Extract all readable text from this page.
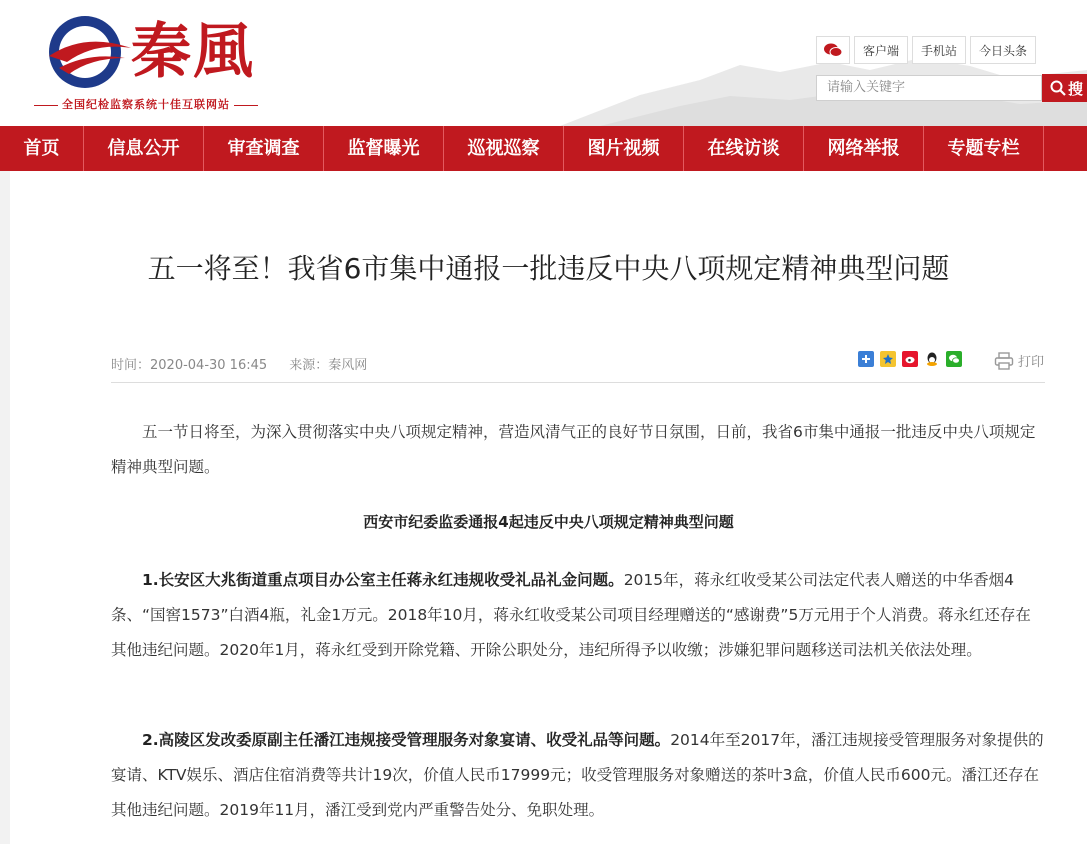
秦風
全国纪检监察系统十佳互联网站
客户端	手机站	今日头条
请输入关键字	搜
首页	信息公开	审查调查	监督曝光	巡视巡察	图片视频	在线访谈	网络举报	专题专栏
五一将至！我省6市集中通报一批违反中央八项规定精神典型问题
时间：2020-04-30 16:45 来源：秦风网	打印
五一节日将至，为深入贯彻落实中央八项规定精神，营造风清气正的良好节日氛围，日前，我省6市集中通报一批违反中央八项规定精神典型问题。
西安市纪委监委通报4起违反中央八项规定精神典型问题
1.长安区大兆街道重点项目办公室主任蒋永红违规收受礼品礼金问题。2015年，蒋永红收受某公司法定代表人赠送的中华香烟4条、“国窖1573”白酒4瓶，礼金1万元。2018年10月，蒋永红收受某公司项目经理赠送的“感谢费”5万元用于个人消费。蒋永红还存在其他违纪问题。2020年1月，蒋永红受到开除党籍、开除公职处分，违纪所得予以收缴；涉嫌犯罪问题移送司法机关依法处理。
2.高陵区发改委原副主任潘江违规接受管理服务对象宴请、收受礼品等问题。2014年至2017年，潘江违规接受管理服务对象提供的宴请、KTV娱乐、酒店住宿消费等共计19次，价值人民币17999元；收受管理服务对象赠送的茶叶3盒，价值人民币600元。潘江还存在其他违纪问题。2019年11月，潘江受到党内严重警告处分、免职处理。
